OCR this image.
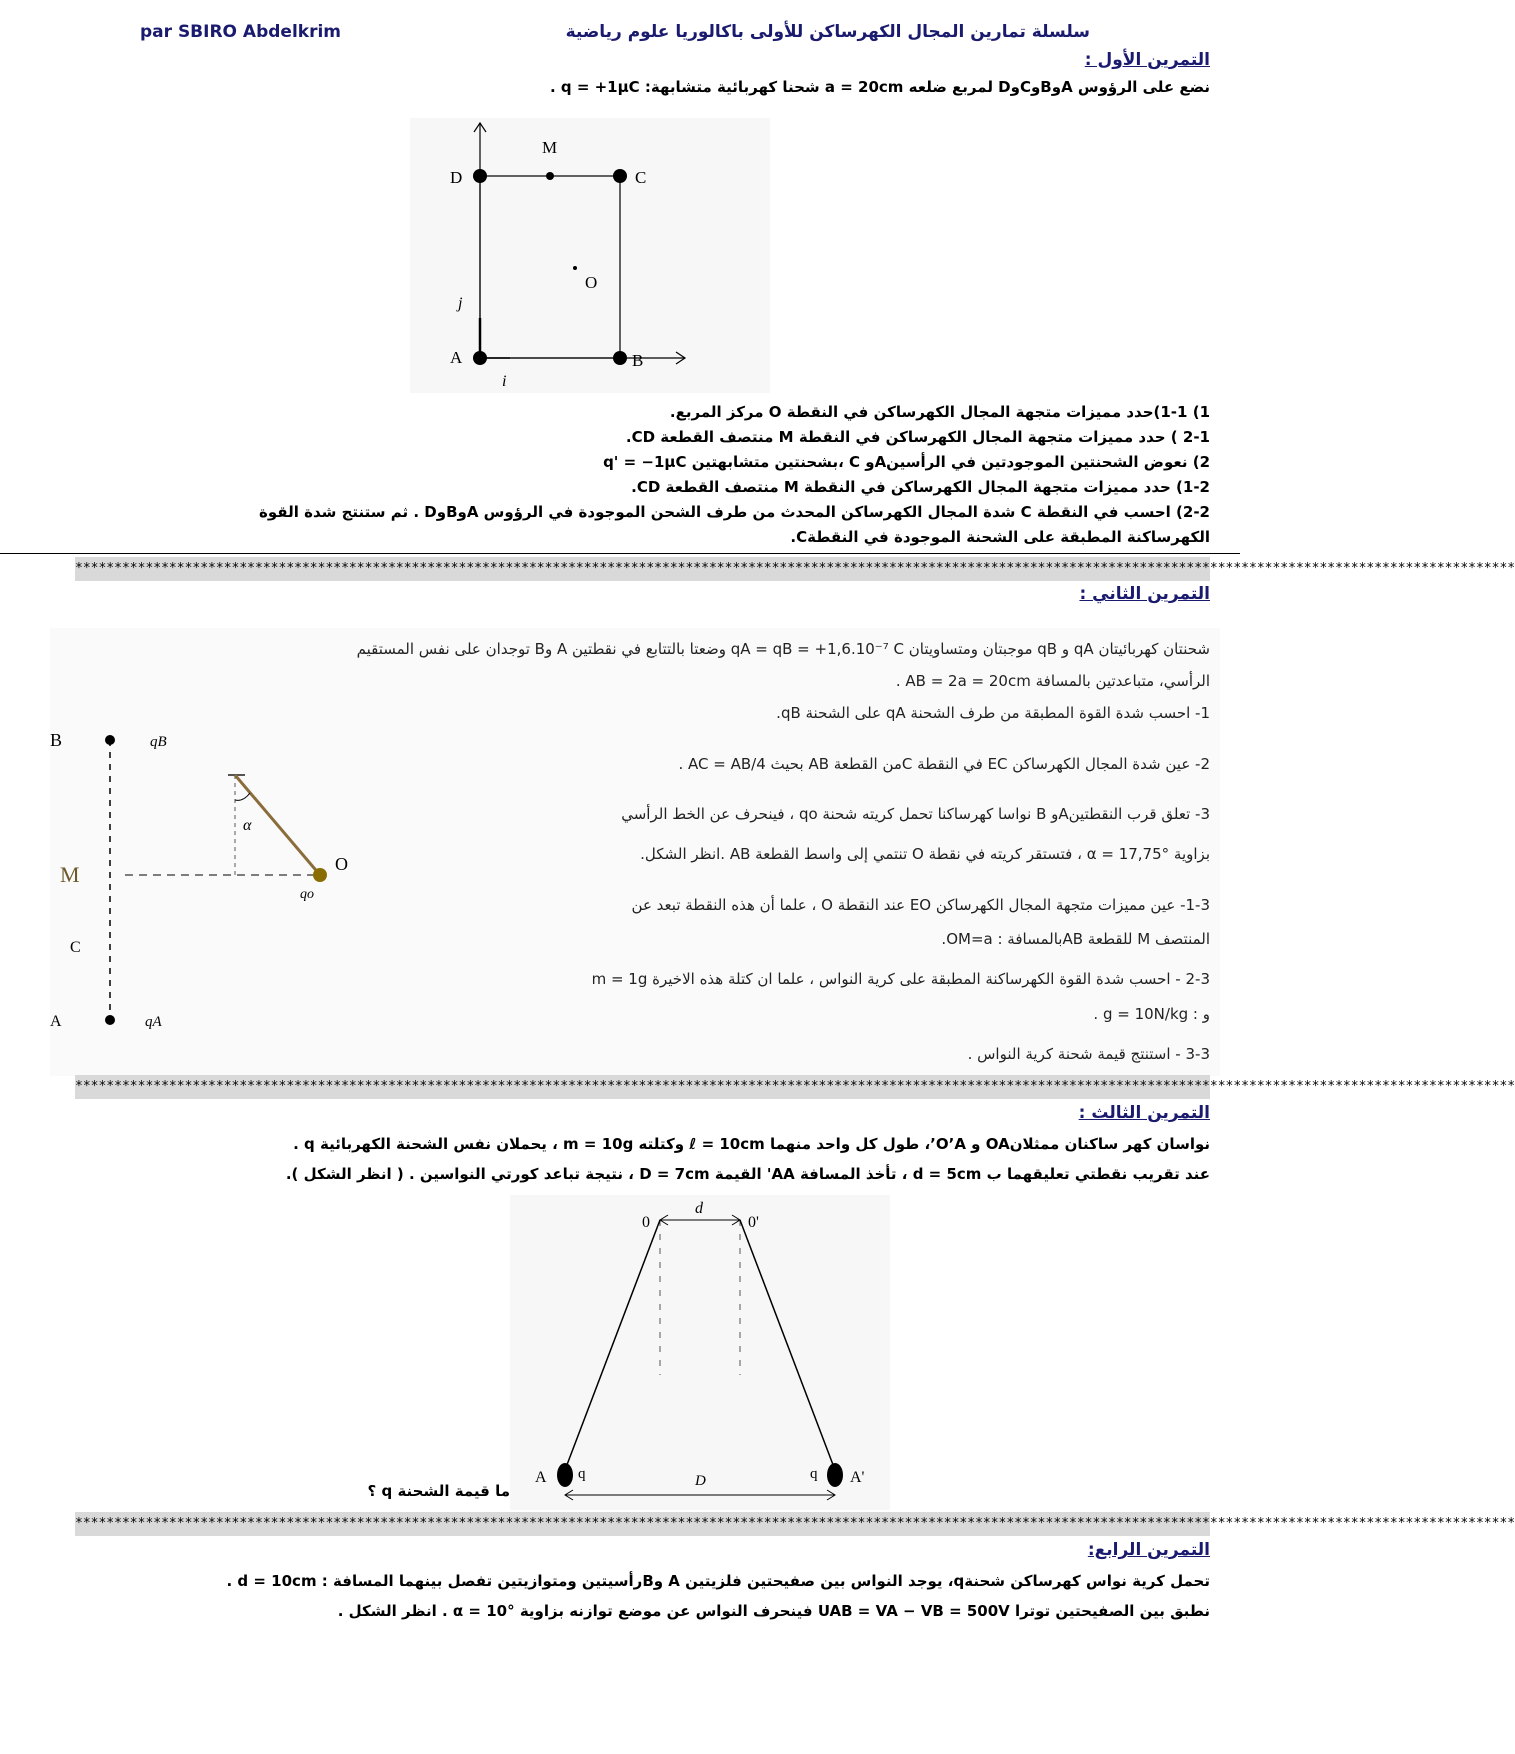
par SBIRO Abdelkrim	سلسلة تمارين المجال الكهرساكن للأولى باكالوريا علوم رياضية
التمرين الأول :
نضع على الرؤوس AوBوCوD لمربع ضلعه a = 20cm شحنا كهربائية متشابهة: q = +1μC .
D
M
C
O
A	B
j
i
1) 1-1)حدد مميزات متجهة المجال الكهرساكن في النقطة O مركز المربع.
2-1 ) حدد مميزات متجهة المجال الكهرساكن في النقطة M منتصف القطعة CD.
2) نعوض الشحنتين الموجودتين في الرأسينAو C ،بشحنتين متشابهتين q' = −1μC
1-2) حدد مميزات متجهة المجال الكهرساكن في النقطة M منتصف القطعة CD.
2-2) احسب في النقطة C شدة المجال الكهرساكن المحدث من طرف الشحن الموجودة في الرؤوس AوBوD . ثم ستنتج شدة القوة
الكهرساكنة المطبقة على الشحنة الموجودة في النقطةC.
****************************************************************************************************************************************************************************************
التمرين الثاني :
شحنتان كهربائيتان qA و qB موجبتان ومتساويتان qA = qB = +1,6.10⁻⁷ C وضعتا بالتتابع في نقطتين A وB توجدان على نفس المستقيم
الرأسي، متباعدتين بالمسافة AB = 2a = 20cm .
1- احسب شدة القوة المطبقة من طرف الشحنة qA على الشحنة qB.
2- عين شدة المجال الكهرساكن EC في النقطة Cمن القطعة AB بحيث AC = AB/4 .
3- تعلق قرب النقطتينAو B نواسا كهرساكنا تحمل كريته شحنة qo ، فينحرف عن الخط الرأسي
بزاوية α = 17,75° ، فتستقر كريته في نقطة O تنتمي إلى واسط القطعة AB .انظر الشكل.
1-3- عين مميزات متجهة المجال الكهرساكن EO عند النقطة O ، علما أن هذه النقطة تبعد عن
المنتصف M للقطعة ABبالمسافة : OM=a.
2-3 - احسب شدة القوة الكهرساكنة المطبقة على كرية النواس ، علما ان كتلة هذه الاخيرة m = 1g
و : g = 10N/kg .
3-3 - استنتج قيمة شحنة كرية النواس .
B	qB
M
C
A	qA
α
O
qo
****************************************************************************************************************************************************************************************
التمرين الثالث :
نواسان كهر ساكنان ممثلانOA و O’A’، طول كل واحد منهما ℓ = 10cm وكتلته m = 10g ، يحملان نفس الشحنة الكهربائية q .
عند تقريب نقطتي تعليقهما ب d = 5cm ، تأخذ المسافة AA' القيمة D = 7cm ، نتيجة تباعد كورتي النواسين . ( انظر الشكل ).
0	0'
d
A q	D	q A'
ما قيمة الشحنة q ؟
****************************************************************************************************************************************************************************************
التمرين الرابع:
تحمل كرية نواس كهرساكن شحنةq، يوجد النواس بين صفيحتين فلزيتين A وBرأسيتين ومتوازيتين تفصل بينهما المسافة : d = 10cm .
نطبق بين الصفيحتين توترا UAB = VA − VB = 500V فينحرف النواس عن موضع توازنه بزاوية α = 10° . انظر الشكل .
